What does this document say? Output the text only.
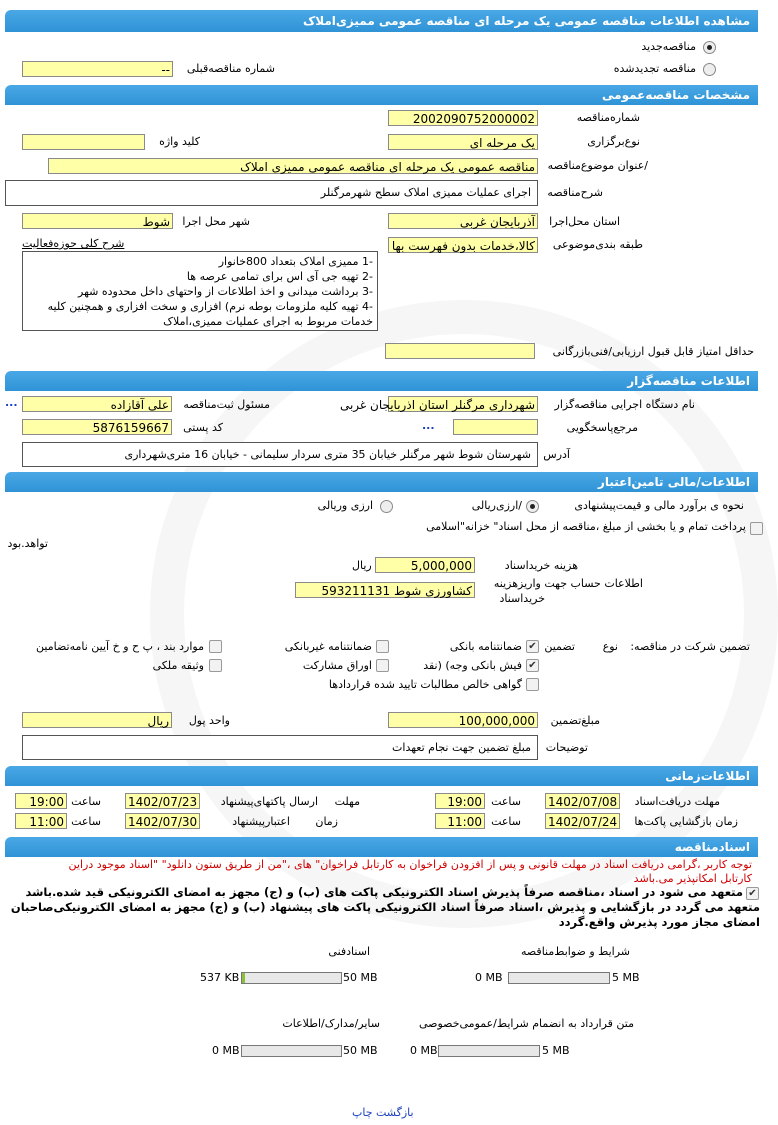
مشاهده اطلاعات مناقصه عمومی یک مرحله ای مناقصه عمومی ممیزی‌املاک
مناقصه‌جدید
مناقصه تجدیدشده
شماره مناقصه‌قبلی
--
مشخصات مناقصه‌عمومی
شماره‌مناقصه
2002090752000002
نوع‌برگزاری
یک مرحله ای
کلید واژه
/عنوان موضوع‌مناقصه
مناقصه عمومی یک مرحله ای مناقصه عمومی ممیزی املاک
شرح‌مناقصه
اجرای عملیات ممیزی املاک سطح شهرمرگنلر
استان محل‌اجرا
آذربایجان غربی
شهر محل اجرا
شوط
طبقه بندی‌موضوعی
کالا،خدمات بدون فهرست بها
شرح کلی حوزه‌فعالیت
-1 ممیزی املاک بتعداد 800خانوار
-2 تهیه جی آی اس برای تمامی عرصه ها
-3 برداشت میدانی و اخذ اطلاعات از واحتهای داخل محدوده شهر
-4 تهیه کلیه ملزومات بوطه نرم) افزاری و سخت افزاری و همچنین کلیه
خدمات مربوط به اجرای عملیات ممیزی،املاک
حداقل امتیاز قابل قبول ارزیابی/فنی‌بازرگانی
اطلاعات مناقصه‌گزار
نام دستگاه اجرایی مناقصه‌گزار
شهرداری مرگنلر استان اذربایجان غربی
مسئول ثبت‌مناقصه
علی آقازاده
...
مرجع‌پاسخگویی
...
کد پستی
5876159667
آدرس
شهرستان شوط شهر مرگنلر خیابان 35 متری سردار سلیمانی - خیابان 16 متری‌شهرداری
اطلاعات/مالی تامین‌اعتبار
نحوه ی برآورد مالی و قیمت‌پیشنهادی
/ارزی‌ریالی
ارزی وریالی
پرداخت تمام و یا بخشی از مبلغ ،مناقصه از محل اسناد" خزانه"اسلامی
تواهد.بود
هزینه خریداسناد
5,000,000
ریال
اطلاعات حساب جهت واریزهزینه
خریداسناد
کشاورزی شوط 593211131
تضمین شرکت در مناقصه:
نوع
تضمین
✔
ضمانتنامه بانکی
ضمانتنامه غیربانکی
موارد بند ، پ ح و خ آیین نامه‌تضامین
✔
فیش بانکی وجه) (نقد
اوراق مشارکت
وثیقه ملکی
گواهی خالص مطالبات تایید شده قراردادها
مبلغ‌تضمین
100,000,000
واحد پول
ریال
توضیحات
مبلغ تضمین جهت نجام تعهدات
اطلاعات‌زمانی
مهلت دریافت‌اسناد
1402/07/08
ساعت
19:00
مهلت
ارسال پاکتهای‌پیشنهاد
1402/07/23
ساعت
19:00
زمان بازگشایی پاکت‌ها
1402/07/24
ساعت
11:00
زمان
اعتبارپیشنهاد
1402/07/30
ساعت
11:00
اسنادمناقصه
توجه کاربر ،گرامی دریافت اسناد در مهلت قانونی و پس از افزودن فراخوان به کارتابل فراخوان" های ،"من از طریق ستون دانلود" "اسناد موجود دراین
کارتابل امکانپذیر می.باشد
✔
متعهد می شود در اسناد ،مناقصه صرفاً پذیرش اسناد الکترونیکی پاکت های (ب) و (ج) مجهز به امضای الکترونیکی قید شده.باشد
متعهد می گردد در بازگشایی و پذیرش ،اسناد صرفاً اسناد الکترونیکی پاکت های پیشنهاد (ب) و (ج) مجهز به امضای الکترونیکی‌صاحبان
امضای مجاز مورد پذیرش واقع.گردد
شرایط و ضوابط‌مناقصه
5 MB
0 MB
اسنادفنی
50 MB
537 KB
متن قرارداد به انضمام شرایط/عمومی‌خصوصی
5 MB
0 MB
سایر/مدارک/اطلاعات
50 MB
0 MB
چاپ بازگشت
